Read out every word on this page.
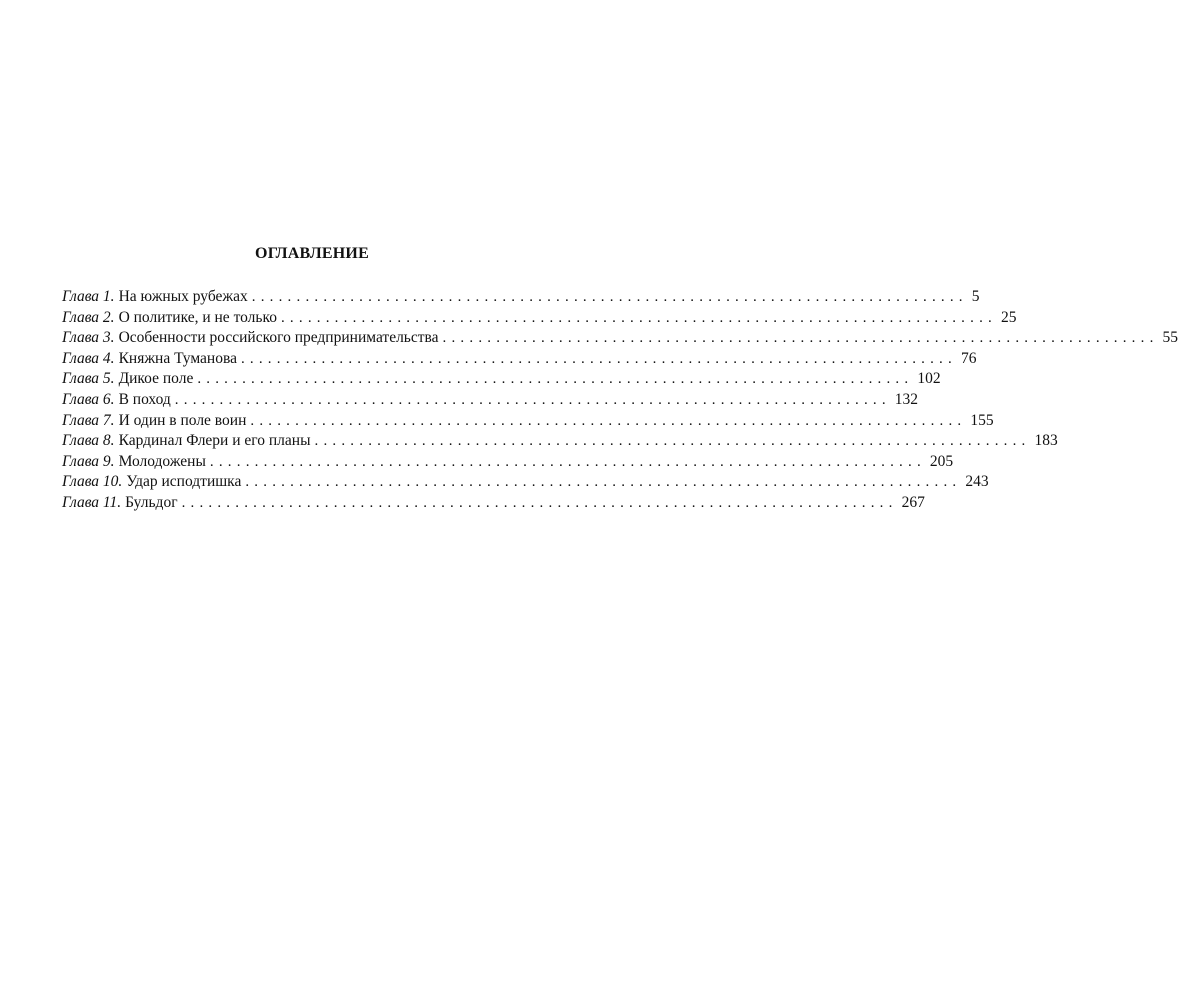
ОГЛАВЛЕНИЕ
Глава 1. На южных рубежах ................................................................................ 5
Глава 2. О политике, и не только ................................................................................ 25
Глава 3. Особенности российского предпринимательства ................................................................................ 55
Глава 4. Княжна Туманова ................................................................................ 76
Глава 5. Дикое поле ................................................................................ 102
Глава 6. В поход ................................................................................ 132
Глава 7. И один в поле воин ................................................................................ 155
Глава 8. Кардинал Флери и его планы ................................................................................ 183
Глава 9. Молодожены ................................................................................ 205
Глава 10. Удар исподтишка ................................................................................ 243
Глава 11. Бульдог ................................................................................ 267
